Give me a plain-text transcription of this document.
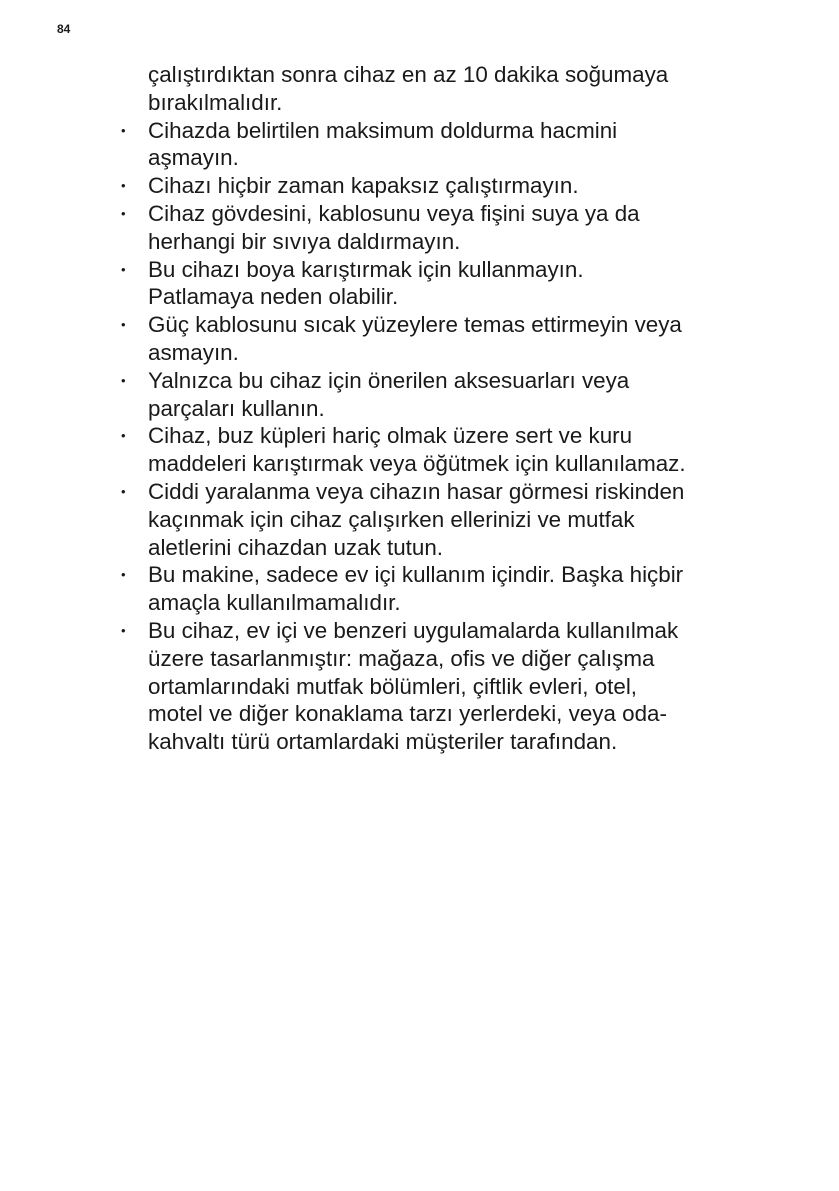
84

çalıştırdıktan sonra cihaz en az 10 dakika soğumaya
bırakılmalıdır.

• Cihazda belirtilen maksimum doldurma hacmini
aşmayın.
• Cihazı hiçbir zaman kapaksız çalıştırmayın.
• Cihaz gövdesini, kablosunu veya fişini suya ya da
herhangi bir sıvıya daldırmayın.
• Bu cihazı boya karıştırmak için kullanmayın.
Patlamaya neden olabilir.
• Güç kablosunu sıcak yüzeylere temas ettirmeyin veya
asmayın.
• Yalnızca bu cihaz için önerilen aksesuarları veya
parçaları kullanın.
• Cihaz, buz küpleri hariç olmak üzere sert ve kuru
maddeleri karıştırmak veya öğütmek için kullanılamaz.
• Ciddi yaralanma veya cihazın hasar görmesi riskinden
kaçınmak için cihaz çalışırken ellerinizi ve mutfak
aletlerini cihazdan uzak tutun.
• Bu makine, sadece ev içi kullanım içindir. Başka hiçbir
amaçla kullanılmamalıdır.
• Bu cihaz, ev içi ve benzeri uygulamalarda kullanılmak
üzere tasarlanmıştır: mağaza, ofis ve diğer çalışma
ortamlarındaki mutfak bölümleri, çiftlik evleri, otel,
motel ve diğer konaklama tarzı yerlerdeki, veya oda-
kahvaltı türü ortamlardaki müşteriler tarafından.
